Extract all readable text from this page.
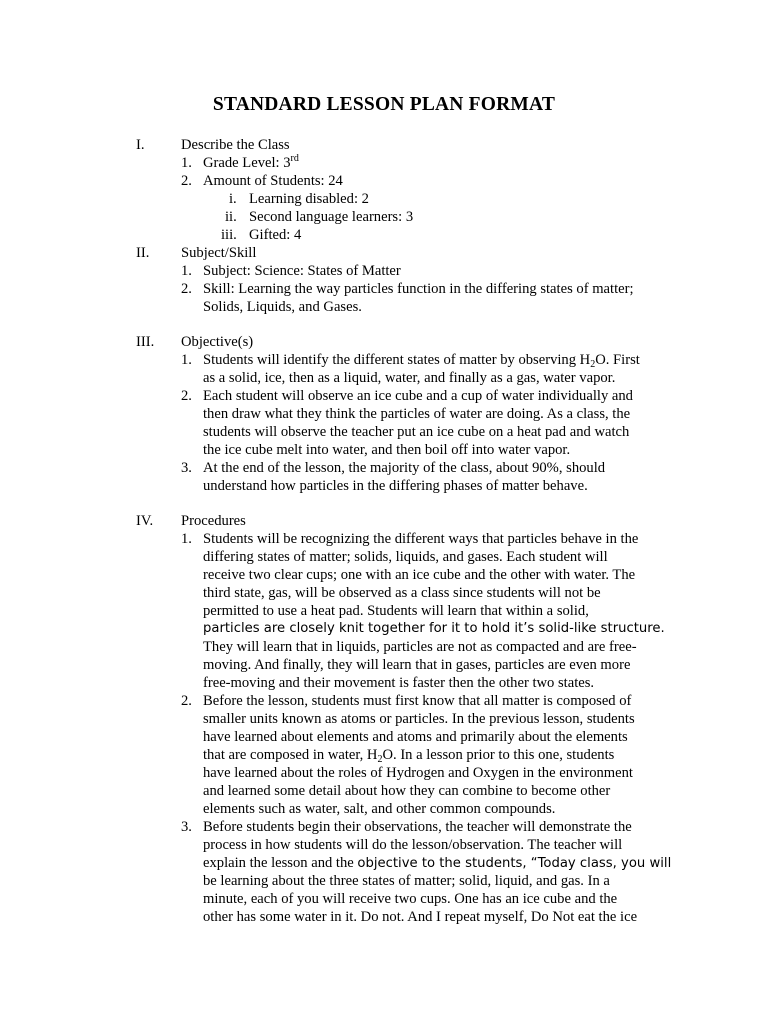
STANDARD LESSON PLAN FORMAT
I. Describe the Class
1. Grade Level: 3rd
2. Amount of Students: 24
i. Learning disabled: 2
ii. Second language learners: 3
iii. Gifted: 4
II. Subject/Skill
1. Subject: Science: States of Matter
2. Skill: Learning the way particles function in the differing states of matter;
Solids, Liquids, and Gases.
III. Objective(s)
1. Students will identify the different states of matter by observing $H_2O$. First
as a solid, ice, then as a liquid, water, and finally as a gas, water vapor.
2. Each student will observe an ice cube and a cup of water individually and
then draw what they think the particles of water are doing. As a class, the
students will observe the teacher put an ice cube on a heat pad and watch
the ice cube melt into water, and then boil off into water vapor.
3. At the end of the lesson, the majority of the class, about 90%, should
understand how particles in the differing phases of matter behave.
IV. Procedures
1. Students will be recognizing the different ways that particles behave in the
differing states of matter; solids, liquids, and gases. Each student will
receive two clear cups; one with an ice cube and the other with water. The
third state, gas, will be observed as a class since students will not be
permitted to use a heat pad. Students will learn that within a solid,
particles are closely knit together for it to hold it’s solid-like structure.
They will learn that in liquids, particles are not as compacted and are free-
moving. And finally, they will learn that in gases, particles are even more
free-moving and their movement is faster then the other two states.
2. Before the lesson, students must first know that all matter is composed of
smaller units known as atoms or particles. In the previous lesson, students
have learned about elements and atoms and primarily about the elements
that are composed in water, $H_2O$. In a lesson prior to this one, students
have learned about the roles of Hydrogen and Oxygen in the environment
and learned some detail about how they can combine to become other
elements such as water, salt, and other common compounds.
3. Before students begin their observations, the teacher will demonstrate the
process in how students will do the lesson/observation. The teacher will
explain the lesson and the objective to the students, “Today class, you will
be learning about the three states of matter; solid, liquid, and gas. In a
minute, each of you will receive two cups. One has an ice cube and the
other has some water in it. Do not. And I repeat myself, Do Not eat the ice
